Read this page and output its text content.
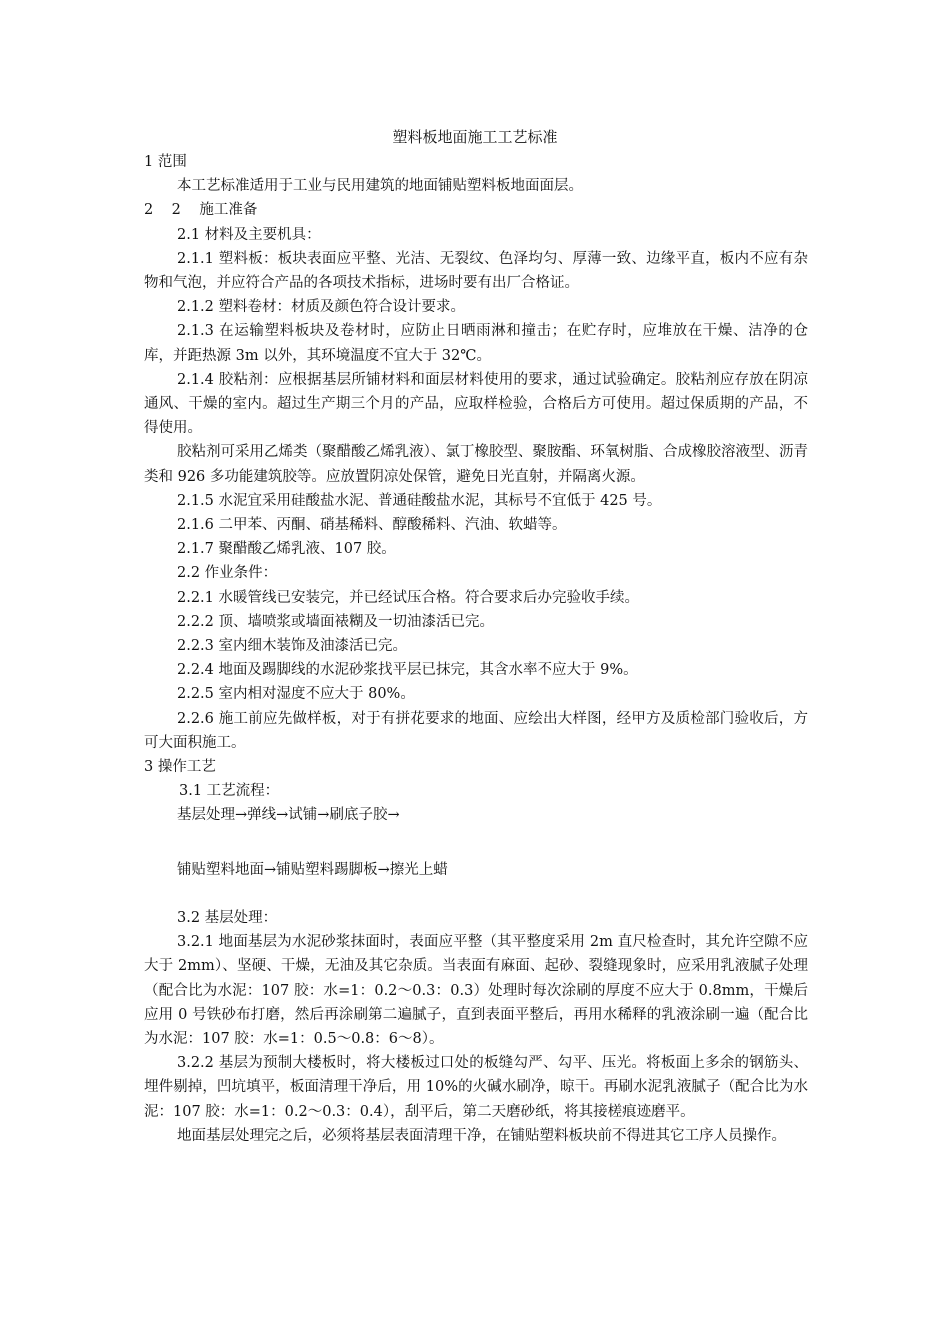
塑料板地面施工工艺标准

1 范围

本工艺标准适用于工业与民用建筑的地面铺贴塑料板地面面层。

2    2    施工准备

2.1 材料及主要机具：

2.1.1 塑料板：板块表面应平整、光洁、无裂纹、色泽均匀、厚薄一致、边缘平直，板内不应有杂物和气泡，并应符合产品的各项技术指标，进场时要有出厂合格证。

2.1.2 塑料卷材：材质及颜色符合设计要求。

2.1.3 在运输塑料板块及卷材时，应防止日晒雨淋和撞击；在贮存时，应堆放在干燥、洁净的仓库，并距热源 3m 以外，其环境温度不宜大于 32℃。

2.1.4 胶粘剂：应根据基层所铺材料和面层材料使用的要求，通过试验确定。胶粘剂应存放在阴凉通风、干燥的室内。超过生产期三个月的产品，应取样检验，合格后方可使用。超过保质期的产品，不得使用。

胶粘剂可采用乙烯类（聚醋酸乙烯乳液）、氯丁橡胶型、聚胺酯、环氧树脂、合成橡胶溶液型、沥青类和 926 多功能建筑胶等。应放置阴凉处保管，避免日光直射，并隔离火源。

2.1.5 水泥宜采用硅酸盐水泥、普通硅酸盐水泥，其标号不宜低于 425 号。

2.1.6 二甲苯、丙酮、硝基稀料、醇酸稀料、汽油、软蜡等。

2.1.7 聚醋酸乙烯乳液、107 胶。

2.2 作业条件：

2.2.1 水暖管线已安装完，并已经试压合格。符合要求后办完验收手续。

2.2.2 顶、墙喷浆或墙面裱糊及一切油漆活已完。

2.2.3 室内细木装饰及油漆活已完。

2.2.4 地面及踢脚线的水泥砂浆找平层已抹完，其含水率不应大于 9%。

2.2.5 室内相对湿度不应大于 80%。

2.2.6 施工前应先做样板，对于有拼花要求的地面、应绘出大样图，经甲方及质检部门验收后，方可大面积施工。

3 操作工艺

3.1 工艺流程：

基层处理→弹线→试铺→刷底子胶→

铺贴塑料地面→铺贴塑料踢脚板→擦光上蜡

3.2 基层处理：

3.2.1 地面基层为水泥砂浆抹面时，表面应平整（其平整度采用 2m 直尺检查时，其允许空隙不应大于 2mm）、坚硬、干燥，无油及其它杂质。当表面有麻面、起砂、裂缝现象时，应采用乳液腻子处理（配合比为水泥：107 胶：水=1：0.2～0.3：0.3）处理时每次涂刷的厚度不应大于 0.8mm，干燥后应用 0 号铁砂布打磨，然后再涂刷第二遍腻子，直到表面平整后，再用水稀释的乳液涂刷一遍（配合比为水泥：107 胶：水=1：0.5～0.8：6～8）。

3.2.2 基层为预制大楼板时，将大楼板过口处的板缝勾严、勾平、压光。将板面上多余的钢筋头、埋件剔掉，凹坑填平，板面清理干净后，用 10%的火碱水刷净，晾干。再刷水泥乳液腻子（配合比为水泥：107 胶：水=1：0.2～0.3：0.4），刮平后，第二天磨砂纸，将其接槎痕迹磨平。

地面基层处理完之后，必须将基层表面清理干净，在铺贴塑料板块前不得进其它工序人员操作。
